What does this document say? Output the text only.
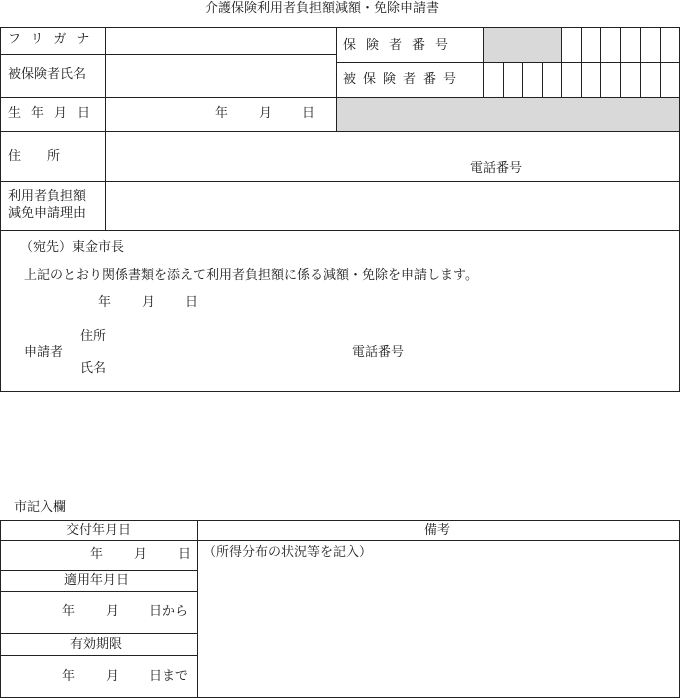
介護保険利用者負担額減額・免除申請書
フリガナ
被保険者氏名
保険者番号
被保険者番号
生年月日	年 月 日
住　　所
電話番号
利用者負担額
減免申請理由
（宛先）東金市長
上記のとおり関係書類を添えて利用者負担額に係る減額・免除を申請します。
年 月 日
申請者
住所
氏名
電話番号
市記入欄
交付年月日	備考
年 月 日 （所得分布の状況等を記入）
適用年月日
年 月 日から
有効期限
年 月 日まで
